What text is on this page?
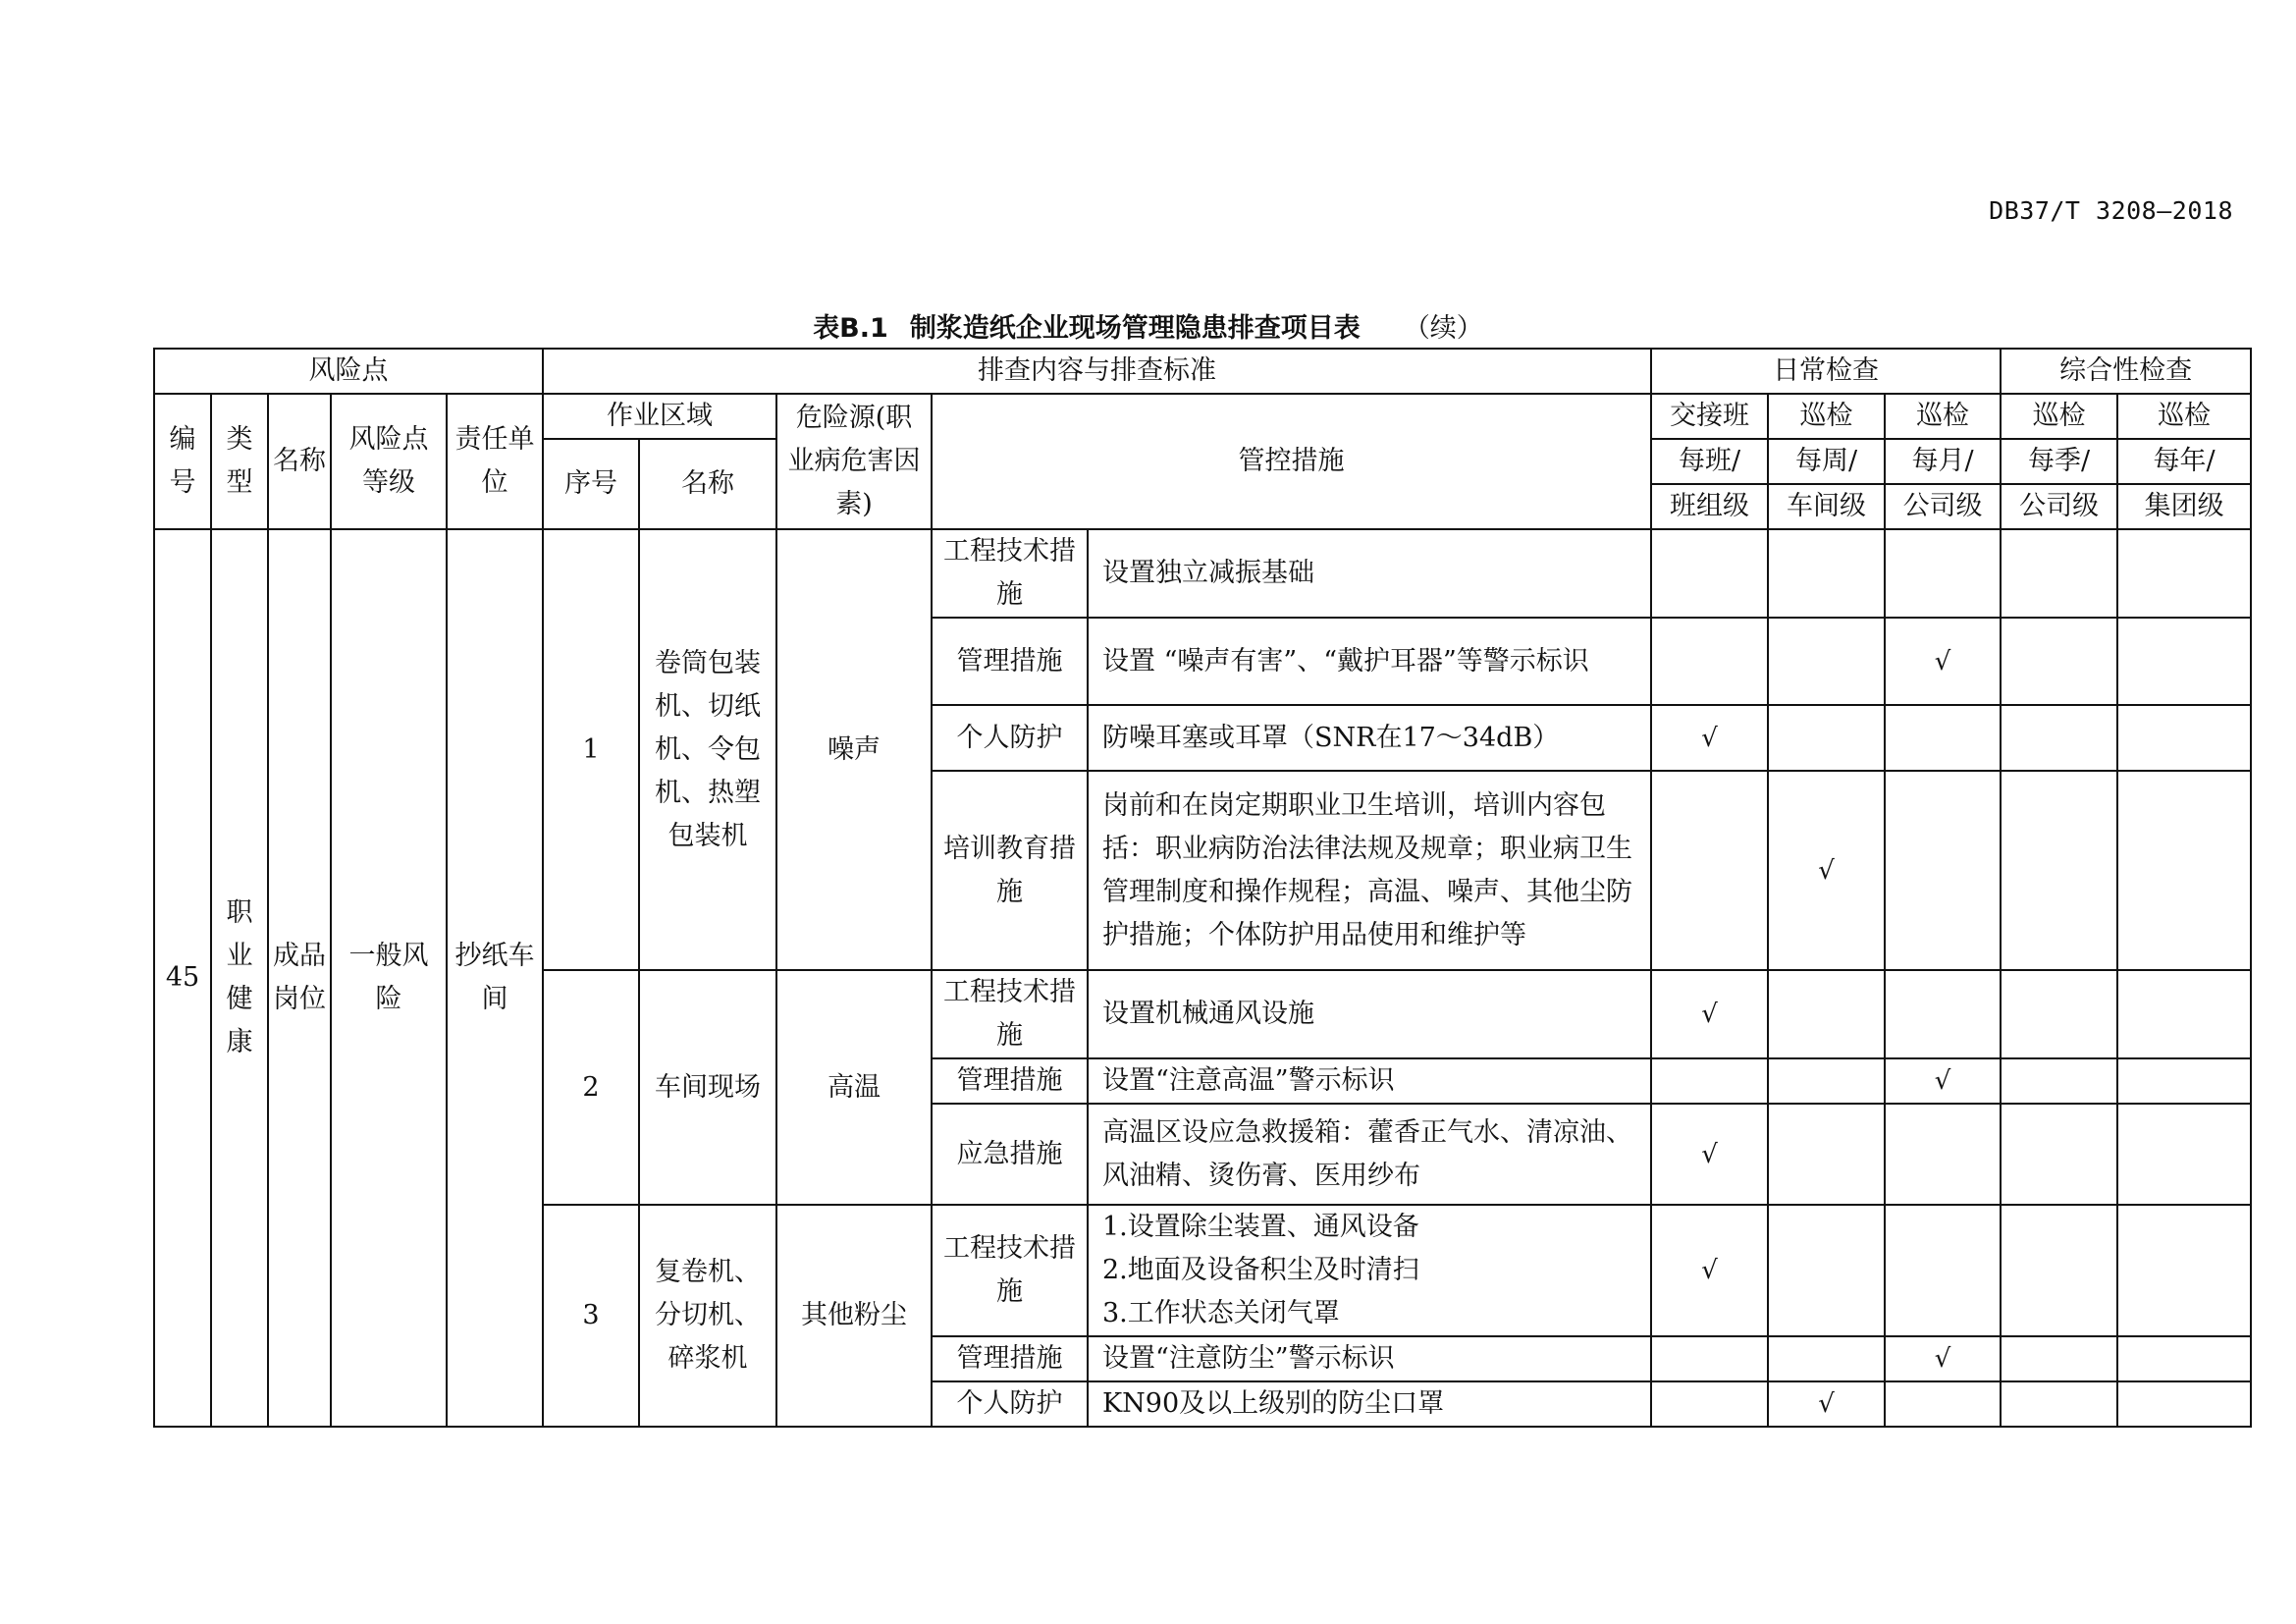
DB37/T 3208—2018
表B.1 制浆造纸企业现场管理隐患排查项目表 （续）
风险点					排查内容与排查标准					日常检查			综合性检查	
编号	类型	名称	风险点等级	责任单位	作业区域		危险源(职业病危害因素)	管控措施		交接班	巡检	巡检	巡检	巡检
					序号	名称				每班/	每周/	每月/	每季/	每年/
										班组级	车间级	公司级	公司级	集团级
45	职业健康	成品岗位	一般风险	抄纸车间	1	卷筒包装机、切纸机、令包机、热塑包装机	噪声	工程技术措施	设置独立减振基础					
								管理措施	设置 “噪声有害”、“戴护耳器”等警示标识			√		
								个人防护	防噪耳塞或耳罩（SNR在17～34dB）	√				
								培训教育措施	岗前和在岗定期职业卫生培训，培训内容包括：职业病防治法律法规及规章；职业病卫生管理制度和操作规程；高温、噪声、其他尘防护措施；个体防护用品使用和维护等		√			
					2	车间现场	高温	工程技术措施	设置机械通风设施	√				
								管理措施	设置“注意高温”警示标识			√		
								应急措施	高温区设应急救援箱：藿香正气水、清凉油、风油精、烫伤膏、医用纱布	√				
					3	复卷机、分切机、碎浆机	其他粉尘	工程技术措施	1.设置除尘装置、通风设备
2.地面及设备积尘及时清扫
3.工作状态关闭气罩	√				
								管理措施	设置“注意防尘”警示标识			√		
								个人防护	KN90及以上级别的防尘口罩		√			
